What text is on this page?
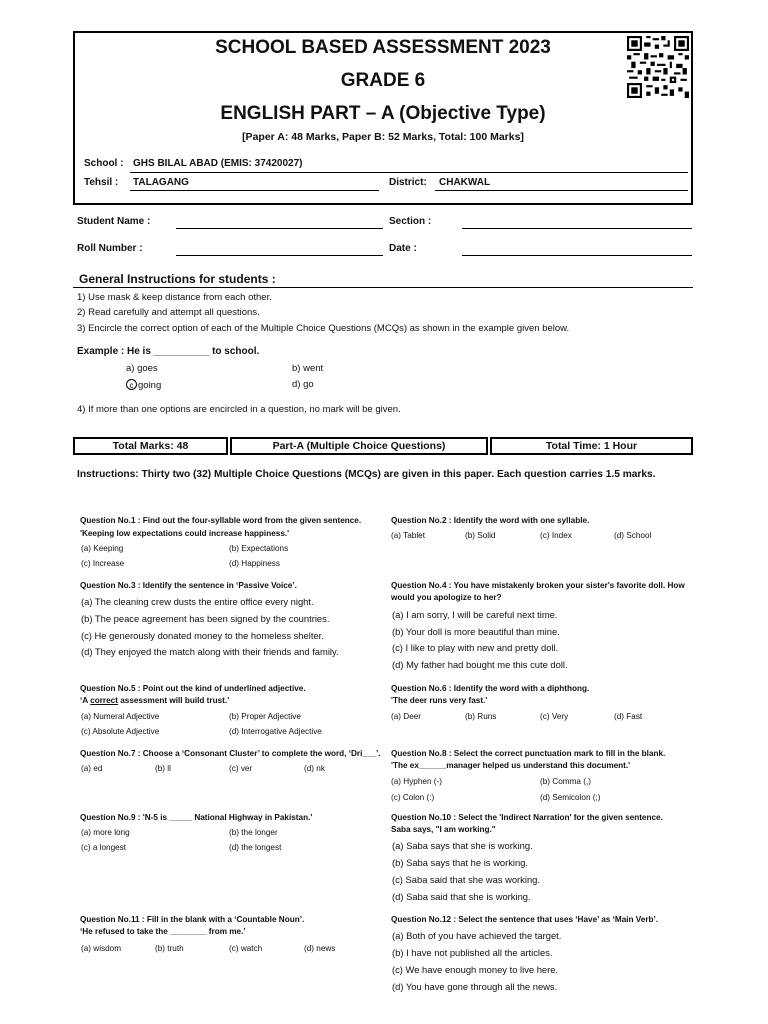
SCHOOL BASED ASSESSMENT 2023
GRADE 6
ENGLISH PART – A (Objective Type)
[Paper A: 48 Marks, Paper B: 52 Marks, Total: 100 Marks]
School : GHS BILAL ABAD (EMIS: 37420027)
Tehsil : TALAGANG	District: CHAKWAL
Student Name :	Section :
Roll Number :	Date :
General Instructions for students :
1) Use mask & keep distance from each other.
2) Read carefully and attempt all questions.
3) Encircle the correct option of each of the Multiple Choice Questions (MCQs) as shown in the example given below.
Example : He is __________ to school.
a) goes	b) went
c going	d) go
4) If more than one options are encircled in a question, no mark will be given.
Total Marks: 48	Part-A (Multiple Choice Questions)	Total Time: 1 Hour
Instructions: Thirty two (32) Multiple Choice Questions (MCQs) are given in this paper. Each question carries 1.5 marks.
Question No.1 : Find out the four-syllable word from the given sentence.
'Keeping low expectations could increase happiness.'
(a) Keeping	(b) Expectations
(c) Increase	(d) Happiness
Question No.2 : Identify the word with one syllable.
(a) Tablet	(b) Solid	(c) Index	(d) School
Question No.3 : Identify the sentence in ‘Passive Voice’.
(a) The cleaning crew dusts the entire office every night.
(b) The peace agreement has been signed by the countries.
(c) He generously donated money to the homeless shelter.
(d) They enjoyed the match along with their friends and family.
Question No.4 : You have mistakenly broken your sister's favorite doll. How
would you apologize to her?
(a) I am sorry, I will be careful next time.
(b) Your doll is more beautiful than mine.
(c) I like to play with new and pretty doll.
(d) My father had bought me this cute doll.
Question No.5 : Point out the kind of underlined adjective.
‘A correct assessment will build trust.’
(a) Numeral Adjective	(b) Proper Adjective
(c) Absolute Adjective	(d) Interrogative Adjective
Question No.6 : Identify the word with a diphthong.
'The deer runs very fast.'
(a) Deer	(b) Runs	(c) Very	(d) Fast
Question No.7 : Choose a ‘Consonant Cluster’ to complete the word, ‘Dri___’.
(a) ed	(b) ll	(c) ver	(d) nk
Question No.8 : Select the correct punctuation mark to fill in the blank.
'The ex______manager helped us understand this document.'
(a) Hyphen (-)	(b) Comma (,)
(c) Colon (:)	(d) Semicolon (;)
Question No.9 : 'N-5 is _____ National Highway in Pakistan.'
(a) more long	(b) the longer
(c) a longest	(d) the longest
Question No.10 : Select the 'Indirect Narration' for the given sentence.
Saba says, "I am working."
(a) Saba says that she is working.
(b) Saba says that he is working.
(c) Saba said that she was working.
(d) Saba said that she is working.
Question No.11 : Fill in the blank with a ‘Countable Noun’.
‘He refused to take the ________ from me.’
(a) wisdom	(b) truth	(c) watch	(d) news
Question No.12 : Select the sentence that uses ‘Have’ as ‘Main Verb’.
(a) Both of you have achieved the target.
(b) I have not published all the articles.
(c) We have enough money to live here.
(d) You have gone through all the news.
